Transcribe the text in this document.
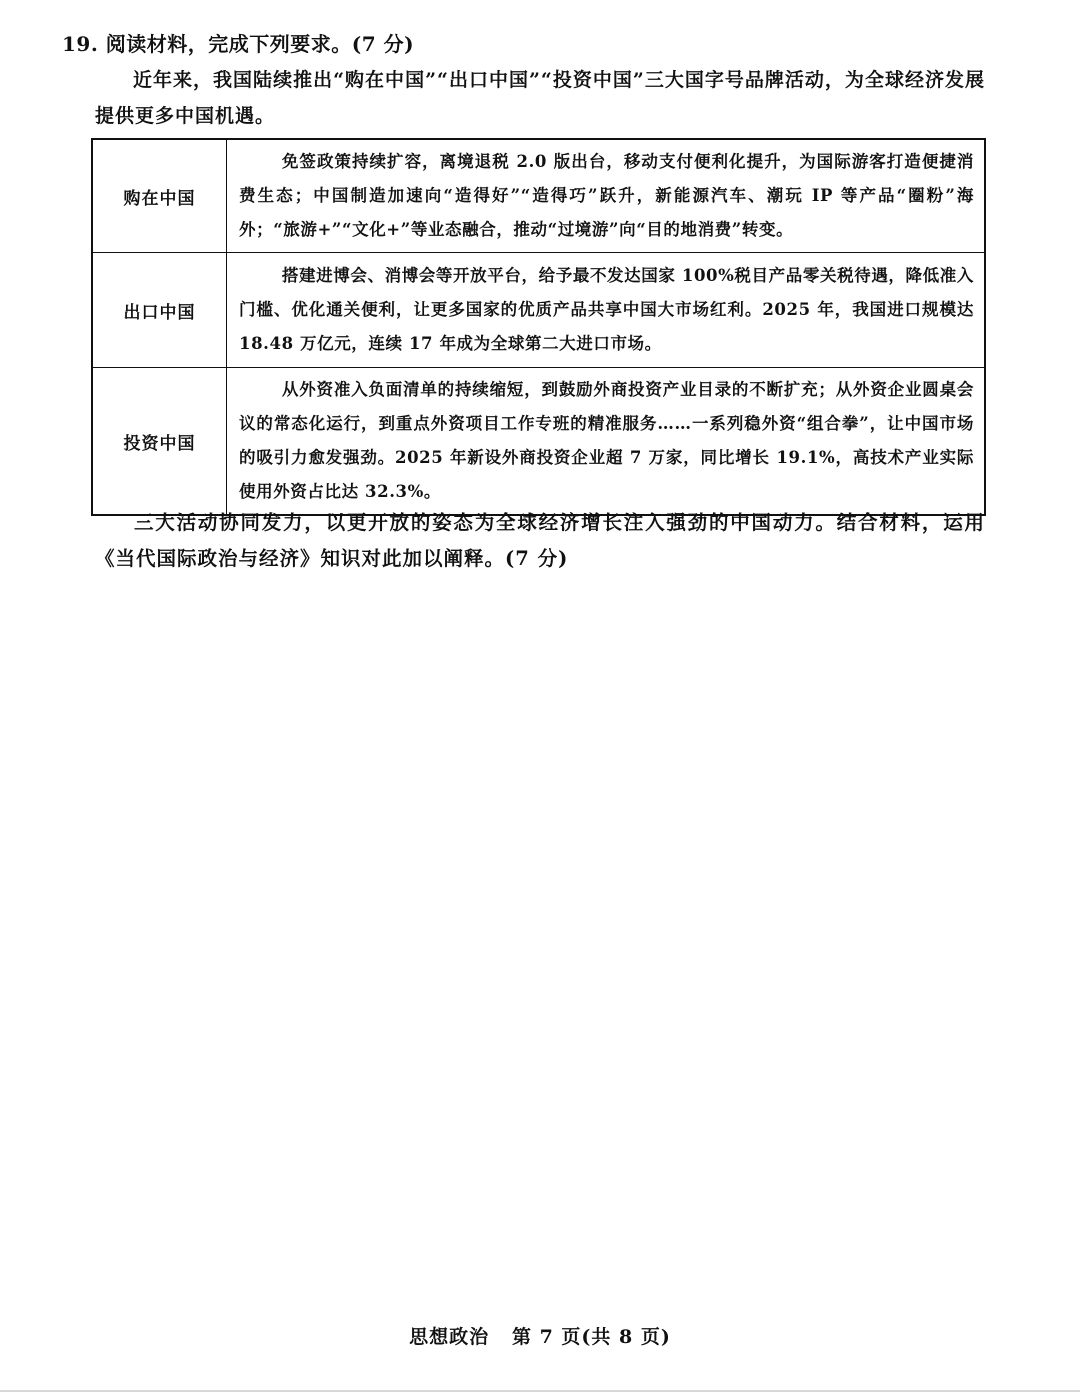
19. 阅读材料，完成下列要求。(7 分)
近年来，我国陆续推出“购在中国”“出口中国”“投资中国”三大国字号品牌活动，为全球经济发展提供更多中国机遇。
购在中国	免签政策持续扩容，离境退税 2.0 版出台，移动支付便利化提升，为国际游客打造便捷消费生态；中国制造加速向“造得好”“造得巧”跃升，新能源汽车、潮玩 IP 等产品“圈粉”海外；“旅游+”“文化+”等业态融合，推动“过境游”向“目的地消费”转变。
出口中国	搭建进博会、消博会等开放平台，给予最不发达国家 100%税目产品零关税待遇，降低准入门槛、优化通关便利，让更多国家的优质产品共享中国大市场红利。2025 年，我国进口规模达 18.48 万亿元，连续 17 年成为全球第二大进口市场。
投资中国	从外资准入负面清单的持续缩短，到鼓励外商投资产业目录的不断扩充；从外资企业圆桌会议的常态化运行，到重点外资项目工作专班的精准服务……一系列稳外资“组合拳”，让中国市场的吸引力愈发强劲。2025 年新设外商投资企业超 7 万家，同比增长 19.1%，高技术产业实际使用外资占比达 32.3%。
三大活动协同发力，以更开放的姿态为全球经济增长注入强劲的中国动力。结合材料，运用《当代国际政治与经济》知识对此加以阐释。(7 分)
思想政治   第 7 页(共 8 页)
